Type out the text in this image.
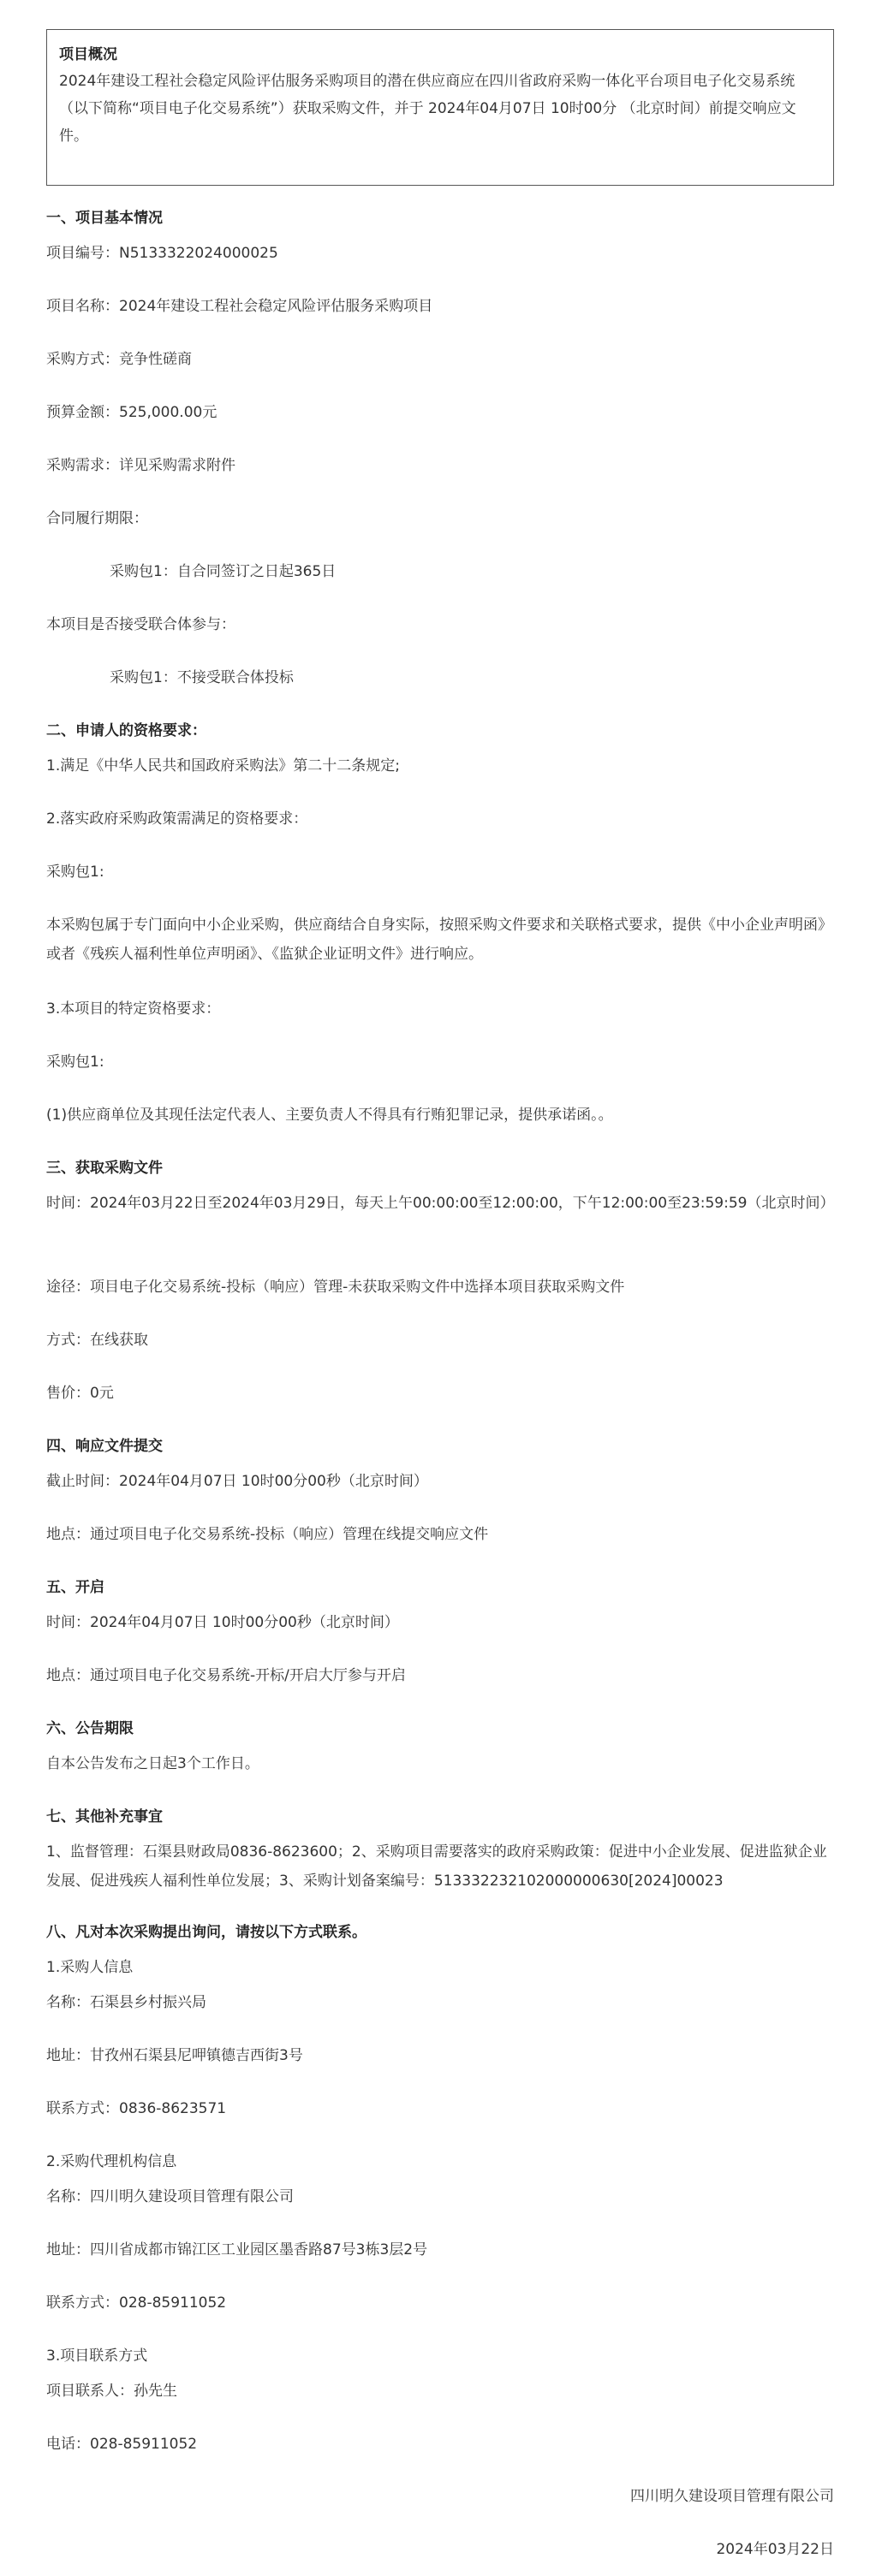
项目概况
2024年建设工程社会稳定风险评估服务采购项目的潜在供应商应在四川省政府采购一体化平台项目电子化交易系统（以下简称“项目电子化交易系统”）获取采购文件，并于 2024年04月07日 10时00分 （北京时间）前提交响应文件。
一、项目基本情况
项目编号：N5133322024000025
项目名称：2024年建设工程社会稳定风险评估服务采购项目
采购方式：竞争性磋商
预算金额：525,000.00元
采购需求：详见采购需求附件
合同履行期限：
采购包1：自合同签订之日起365日
本项目是否接受联合体参与：
采购包1：不接受联合体投标
二、申请人的资格要求：
1.满足《中华人民共和国政府采购法》第二十二条规定;
2.落实政府采购政策需满足的资格要求：
采购包1:
本采购包属于专门面向中小企业采购，供应商结合自身实际，按照采购文件要求和关联格式要求，提供《中小企业声明函》或者《残疾人福利性单位声明函》、《监狱企业证明文件》进行响应。
3.本项目的特定资格要求：
采购包1:
(1)供应商单位及其现任法定代表人、主要负责人不得具有行贿犯罪记录，提供承诺函。。
三、获取采购文件
时间：2024年03月22日至2024年03月29日，每天上午00:00:00至12:00:00，下午12:00:00至23:59:59（北京时间）
途径：项目电子化交易系统-投标（响应）管理-未获取采购文件中选择本项目获取采购文件
方式：在线获取
售价：0元
四、响应文件提交
截止时间：2024年04月07日 10时00分00秒（北京时间）
地点：通过项目电子化交易系统-投标（响应）管理在线提交响应文件
五、开启
时间：2024年04月07日 10时00分00秒（北京时间）
地点：通过项目电子化交易系统-开标/开启大厅参与开启
六、公告期限
自本公告发布之日起3个工作日。
七、其他补充事宜
1、监督管理：石渠县财政局0836-8623600；2、采购项目需要落实的政府采购政策：促进中小企业发展、促进监狱企业发展、促进残疾人福利性单位发展；3、采购计划备案编号：513332232102000000630[2024]00023
八、凡对本次采购提出询问，请按以下方式联系。
1.采购人信息
名称：石渠县乡村振兴局
地址：甘孜州石渠县尼呷镇德吉西街3号
联系方式：0836-8623571
2.采购代理机构信息
名称：四川明久建设项目管理有限公司
地址：四川省成都市锦江区工业园区墨香路87号3栋3层2号
联系方式：028-85911052
3.项目联系方式
项目联系人：孙先生
电话：028-85911052
四川明久建设项目管理有限公司
2024年03月22日
